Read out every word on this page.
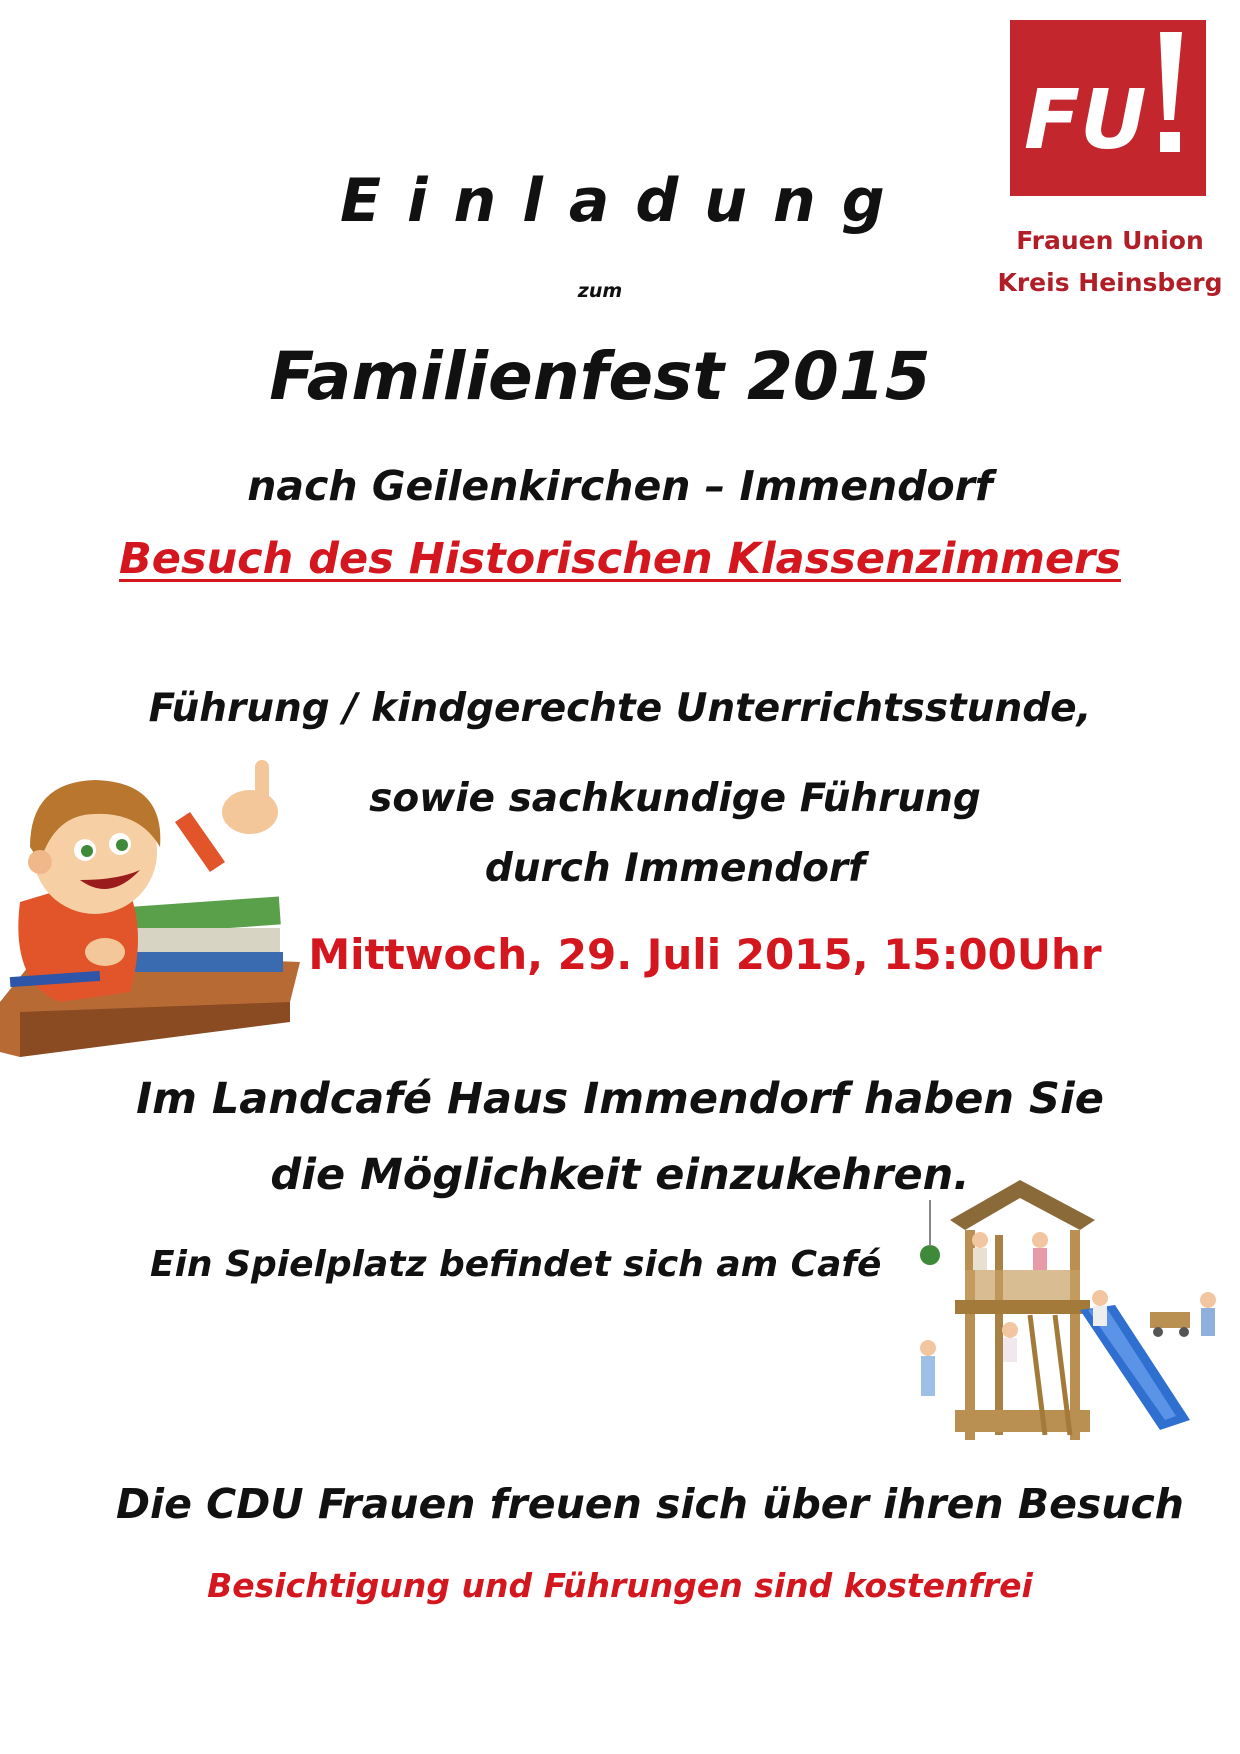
FU
Frauen Union
Kreis Heinsberg
Einladung
zum
Familienfest 2015
nach Geilenkirchen – Immendorf
Besuch des Historischen Klassenzimmers
Führung / kindgerechte Unterrichtsstunde,
sowie sachkundige Führung
durch Immendorf
Mittwoch, 29. Juli 2015, 15:00Uhr
Im Landcafé Haus Immendorf haben Sie
die Möglichkeit einzukehren.
Ein Spielplatz befindet sich am Café
Die CDU Frauen freuen sich über ihren Besuch
Besichtigung und Führungen sind kostenfrei
